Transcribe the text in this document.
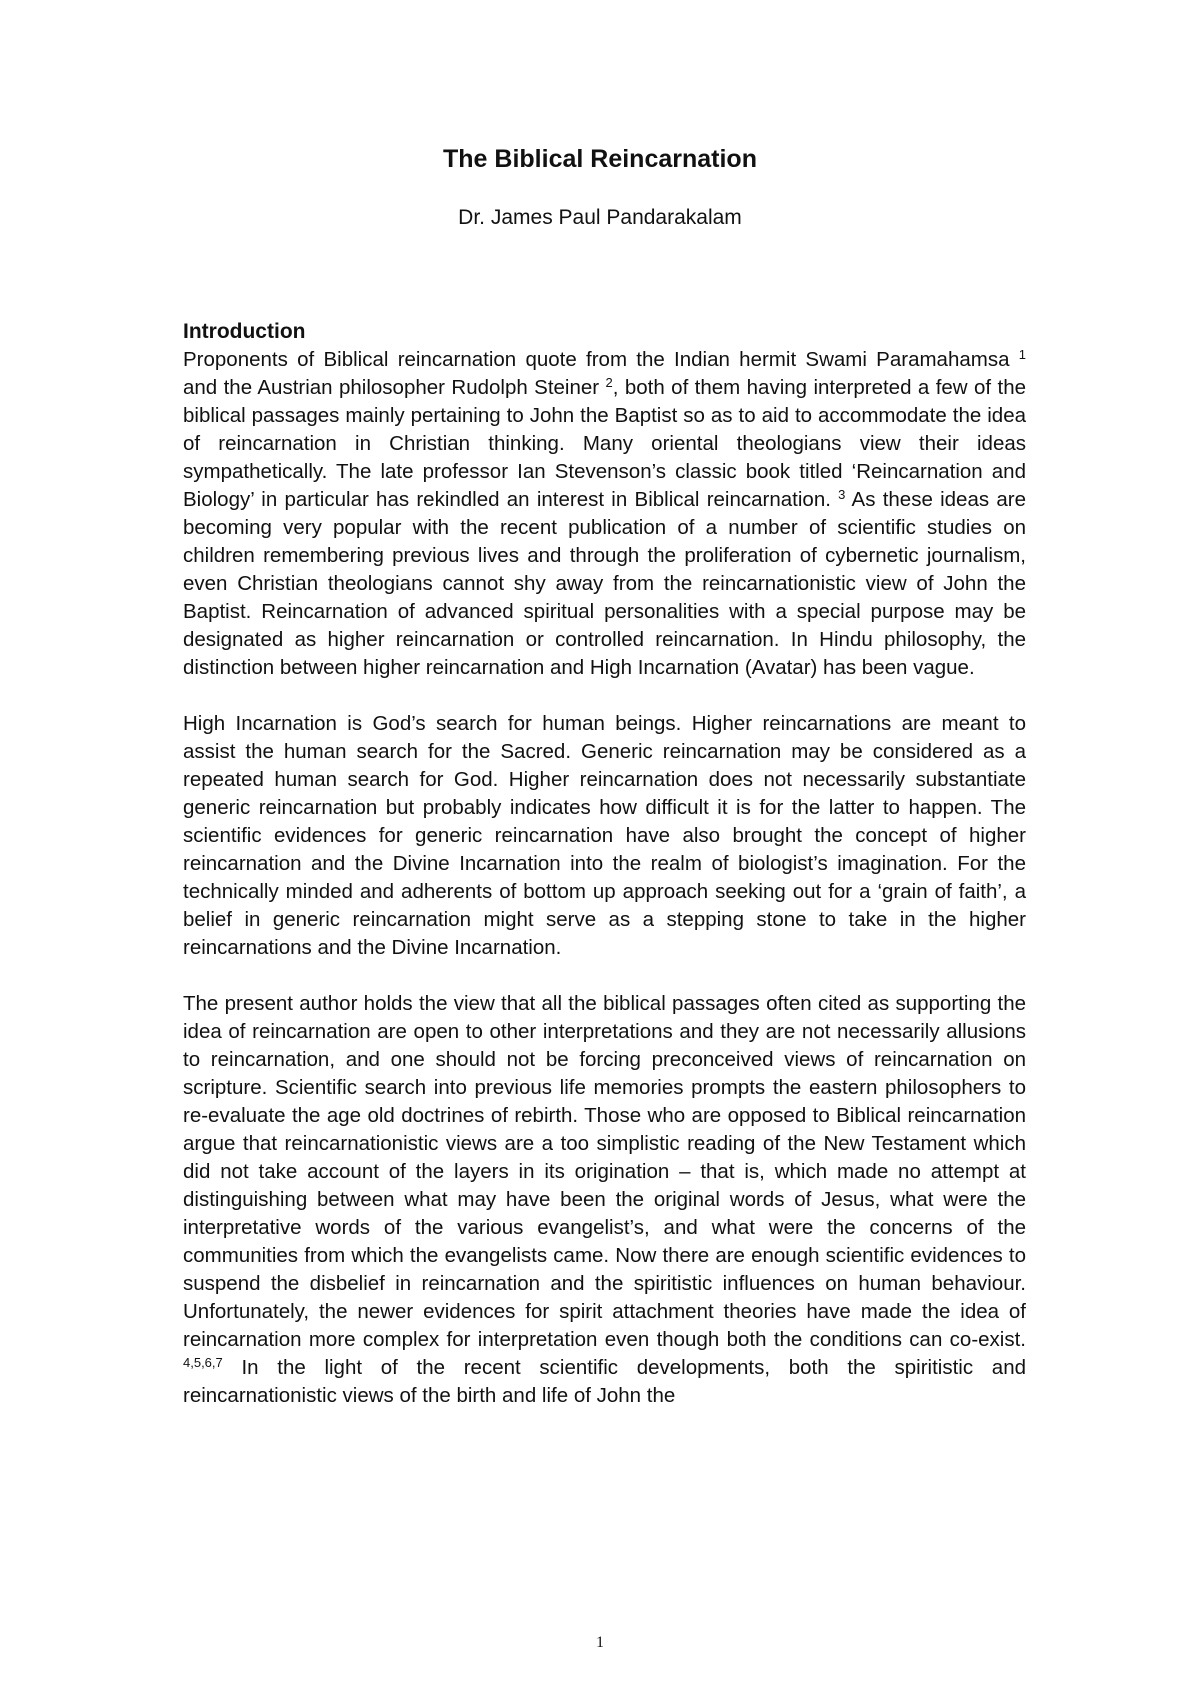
The Biblical Reincarnation
Dr. James Paul Pandarakalam
Introduction

Proponents of Biblical reincarnation quote from the Indian hermit Swami Paramahamsa $^1$ and the Austrian philosopher Rudolph Steiner $^2$, both of them having interpreted a few of the biblical passages mainly pertaining to John the Baptist so as to aid to accommodate the idea of reincarnation in Christian thinking. Many oriental theologians view their ideas sympathetically. The late professor Ian Stevenson’s classic book titled ‘Reincarnation and Biology’ in particular has rekindled an interest in Biblical reincarnation. $^3$ As these ideas are becoming very popular with the recent publication of a number of scientific studies on children remembering previous lives and through the proliferation of cybernetic journalism, even Christian theologians cannot shy away from the reincarnationistic view of John the Baptist. Reincarnation of advanced spiritual personalities with a special purpose may be designated as higher reincarnation or controlled reincarnation. In Hindu philosophy, the distinction between higher reincarnation and High Incarnation (Avatar) has been vague.

High Incarnation is God’s search for human beings. Higher reincarnations are meant to assist the human search for the Sacred. Generic reincarnation may be considered as a repeated human search for God. Higher reincarnation does not necessarily substantiate generic reincarnation but probably indicates how difficult it is for the latter to happen. The scientific evidences for generic reincarnation have also brought the concept of higher reincarnation and the Divine Incarnation into the realm of biologist’s imagination. For the technically minded and adherents of bottom up approach seeking out for a ‘grain of faith’, a belief in generic reincarnation might serve as a stepping stone to take in the higher reincarnations and the Divine Incarnation.

The present author holds the view that all the biblical passages often cited as supporting the idea of reincarnation are open to other interpretations and they are not necessarily allusions to reincarnation, and one should not be forcing preconceived views of reincarnation on scripture. Scientific search into previous life memories prompts the eastern philosophers to re-evaluate the age old doctrines of rebirth. Those who are opposed to Biblical reincarnation argue that reincarnationistic views are a too simplistic reading of the New Testament which did not take account of the layers in its origination – that is, which made no attempt at distinguishing between what may have been the original words of Jesus, what were the interpretative words of the various evangelist’s, and what were the concerns of the communities from which the evangelists came. Now there are enough scientific evidences to suspend the disbelief in reincarnation and the spiritistic influences on human behaviour. Unfortunately, the newer evidences for spirit attachment theories have made the idea of reincarnation more complex for interpretation even though both the conditions can co-exist. $^{4,5,6,7}$ In the light of the recent scientific developments, both the spiritistic and reincarnationistic views of the birth and life of John the

1
